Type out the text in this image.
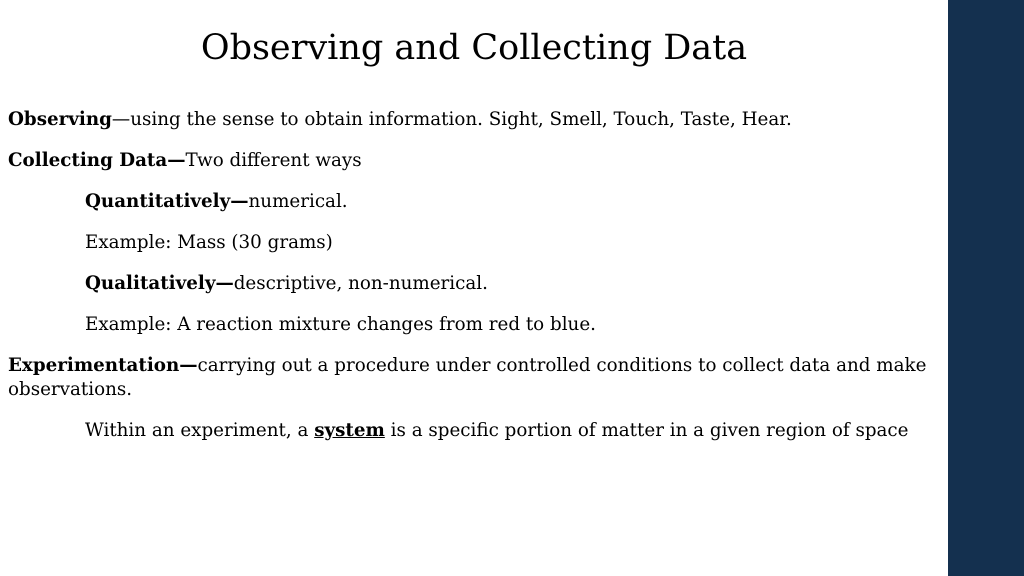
Observing and Collecting Data

Observing—using the sense to obtain information. Sight, Smell, Touch, Taste, Hear.

Collecting Data—Two different ways

Quantitatively—numerical.

Example: Mass (30 grams)

Qualitatively—descriptive, non-numerical.

Example: A reaction mixture changes from red to blue.

Experimentation—carrying out a procedure under controlled conditions to collect data and make observations.

Within an experiment, a system is a specific portion of matter in a given region of space
